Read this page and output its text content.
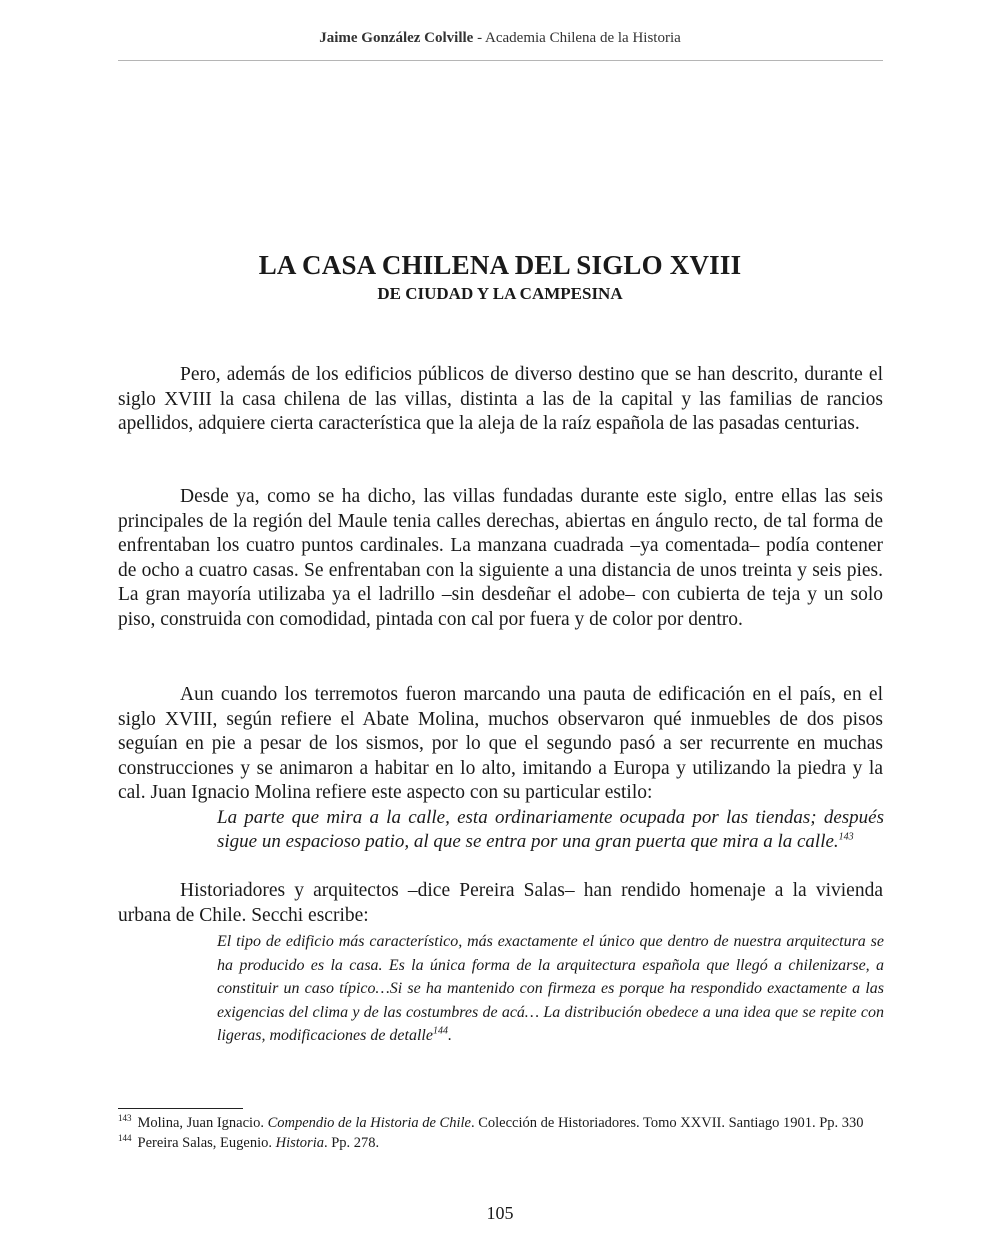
Jaime González Colville - Academia Chilena de la Historia
LA CASA CHILENA DEL SIGLO XVIII
DE CIUDAD Y LA CAMPESINA

Pero, además de los edificios públicos de diverso destino que se han descrito, durante el siglo XVIII la casa chilena de las villas, distinta a las de la capital y las familias de rancios apellidos, adquiere cierta característica que la aleja de la raíz española de las pasadas centurias.

Desde ya, como se ha dicho, las villas fundadas durante este siglo, entre ellas las seis principales de la región del Maule tenia calles derechas, abiertas en ángulo recto, de tal forma de enfrentaban los cuatro puntos cardinales. La manzana cuadrada –ya comentada– podía contener de ocho a cuatro casas. Se enfrentaban con la siguiente a una distancia de unos treinta y seis pies. La gran mayoría utilizaba ya el ladrillo –sin desdeñar el adobe– con cubierta de teja y un solo piso, construida con comodidad, pintada con cal por fuera y de color por dentro.

Aun cuando los terremotos fueron marcando una pauta de edificación en el país, en el siglo XVIII, según refiere el Abate Molina, muchos observaron qué inmuebles de dos pisos seguían en pie a pesar de los sismos, por lo que el segundo pasó a ser recurrente en muchas construcciones y se animaron a habitar en lo alto, imitando a Europa y utilizando la piedra y la cal. Juan Ignacio Molina refiere este aspecto con su particular estilo:

La parte que mira a la calle, esta ordinariamente ocupada por las tiendas; después sigue un espacioso patio, al que se entra por una gran puerta que mira a la calle.$^{143}$

Historiadores y arquitectos –dice Pereira Salas– han rendido homenaje a la vivienda urbana de Chile. Secchi escribe:

El tipo de edificio más característico, más exactamente el único que dentro de nuestra arquitectura se ha producido es la casa. Es la única forma de la arquitectura española que llegó a chilenizarse, a constituir un caso típico…Si se ha mantenido con firmeza es porque ha respondido exactamente a las exigencias del clima y de las costumbres de acá… La distribución obedece a una idea que se repite con ligeras, modificaciones de detalle$^{144}$.

$^{143}$ Molina, Juan Ignacio. Compendio de la Historia de Chile. Colección de Historiadores. Tomo XXVII. Santiago 1901. Pp. 330

$^{144}$ Pereira Salas, Eugenio. Historia. Pp. 278.

105
